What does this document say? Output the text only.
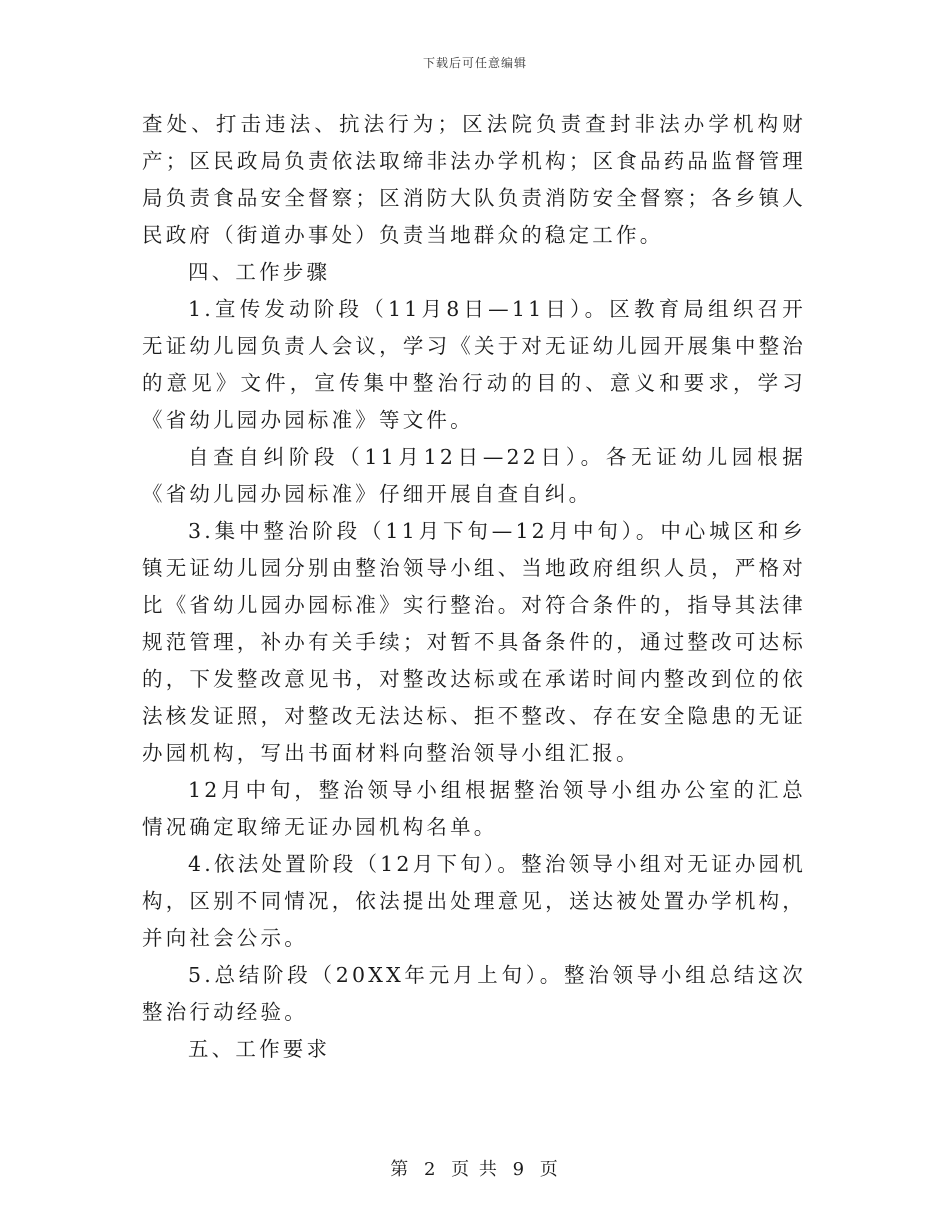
下载后可任意编辑

查处、打击违法、抗法行为；区法院负责查封非法办学机构财产；区民政局负责依法取缔非法办学机构；区食品药品监督管理局负责食品安全督察；区消防大队负责消防安全督察；各乡镇人民政府（街道办事处）负责当地群众的稳定工作。

四、工作步骤

1.宣传发动阶段（11月8日—11日）。区教育局组织召开无证幼儿园负责人会议，学习《关于对无证幼儿园开展集中整治的意见》文件，宣传集中整治行动的目的、意义和要求，学习《省幼儿园办园标准》等文件。

自查自纠阶段（11月12日—22日）。各无证幼儿园根据《省幼儿园办园标准》仔细开展自查自纠。

3.集中整治阶段（11月下旬—12月中旬）。中心城区和乡镇无证幼儿园分别由整治领导小组、当地政府组织人员，严格对比《省幼儿园办园标准》实行整治。对符合条件的，指导其法律规范管理，补办有关手续；对暂不具备条件的，通过整改可达标的，下发整改意见书，对整改达标或在承诺时间内整改到位的依法核发证照，对整改无法达标、拒不整改、存在安全隐患的无证办园机构，写出书面材料向整治领导小组汇报。

12月中旬，整治领导小组根据整治领导小组办公室的汇总情况确定取缔无证办园机构名单。

4.依法处置阶段（12月下旬）。整治领导小组对无证办园机构，区别不同情况，依法提出处理意见，送达被处置办学机构，并向社会公示。

5.总结阶段（20XX年元月上旬）。整治领导小组总结这次整治行动经验。

五、工作要求

第 2 页 共 9 页
